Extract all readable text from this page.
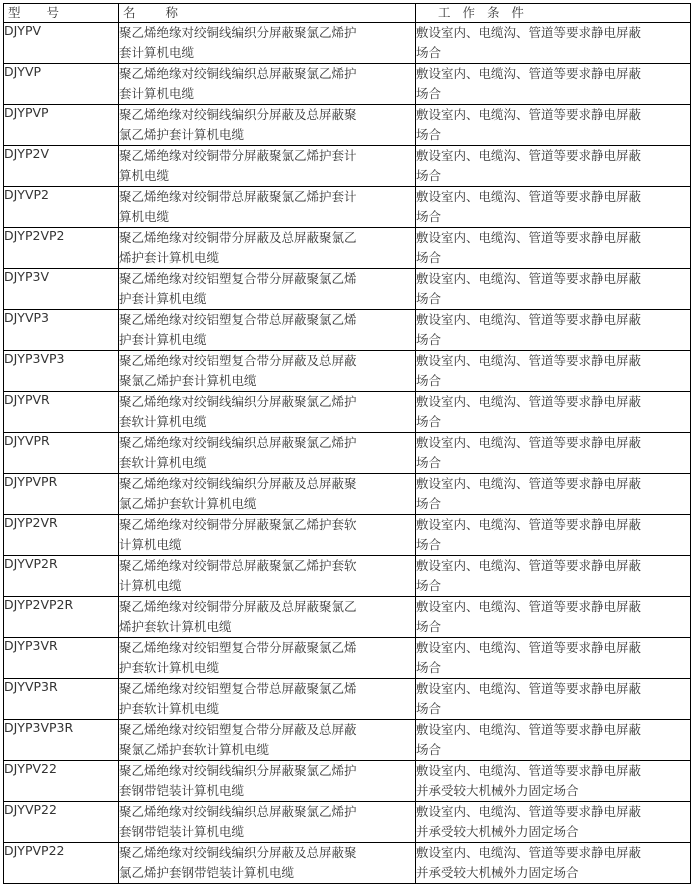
型 号	名 称	工 作 条 件
DJYPV	聚乙烯绝缘对绞铜线编织分屏蔽聚氯乙烯护
套计算机电缆	敷设室内、电缆沟、管道等要求静电屏蔽
场合

DJYVP	聚乙烯绝缘对绞铜线编织总屏蔽聚氯乙烯护
套计算机电缆	敷设室内、电缆沟、管道等要求静电屏蔽
场合

DJYPVP	聚乙烯绝缘对绞铜线编织分屏蔽及总屏蔽聚
氯乙烯护套计算机电缆	敷设室内、电缆沟、管道等要求静电屏蔽
场合

DJYP2V	聚乙烯绝缘对绞铜带分屏蔽聚氯乙烯护套计
算机电缆	敷设室内、电缆沟、管道等要求静电屏蔽
场合

DJYVP2	聚乙烯绝缘对绞铜带总屏蔽聚氯乙烯护套计
算机电缆	敷设室内、电缆沟、管道等要求静电屏蔽
场合

DJYP2VP2	聚乙烯绝缘对绞铜带分屏蔽及总屏蔽聚氯乙
烯护套计算机电缆	敷设室内、电缆沟、管道等要求静电屏蔽
场合

DJYP3V	聚乙烯绝缘对绞铝塑复合带分屏蔽聚氯乙烯
护套计算机电缆	敷设室内、电缆沟、管道等要求静电屏蔽
场合

DJYVP3	聚乙烯绝缘对绞铝塑复合带总屏蔽聚氯乙烯
护套计算机电缆	敷设室内、电缆沟、管道等要求静电屏蔽
场合

DJYP3VP3	聚乙烯绝缘对绞铝塑复合带分屏蔽及总屏蔽
聚氯乙烯护套计算机电缆	敷设室内、电缆沟、管道等要求静电屏蔽
场合

DJYPVR	聚乙烯绝缘对绞铜线编织分屏蔽聚氯乙烯护
套软计算机电缆	敷设室内、电缆沟、管道等要求静电屏蔽
场合

DJYVPR	聚乙烯绝缘对绞铜线编织总屏蔽聚氯乙烯护
套软计算机电缆	敷设室内、电缆沟、管道等要求静电屏蔽
场合

DJYPVPR	聚乙烯绝缘对绞铜线编织分屏蔽及总屏蔽聚
氯乙烯护套软计算机电缆	敷设室内、电缆沟、管道等要求静电屏蔽
场合

DJYP2VR	聚乙烯绝缘对绞铜带分屏蔽聚氯乙烯护套软
计算机电缆	敷设室内、电缆沟、管道等要求静电屏蔽
场合

DJYVP2R	聚乙烯绝缘对绞铜带总屏蔽聚氯乙烯护套软
计算机电缆	敷设室内、电缆沟、管道等要求静电屏蔽
场合

DJYP2VP2R	聚乙烯绝缘对绞铜带分屏蔽及总屏蔽聚氯乙
烯护套软计算机电缆	敷设室内、电缆沟、管道等要求静电屏蔽
场合

DJYP3VR	聚乙烯绝缘对绞铝塑复合带分屏蔽聚氯乙烯
护套软计算机电缆	敷设室内、电缆沟、管道等要求静电屏蔽
场合

DJYVP3R	聚乙烯绝缘对绞铝塑复合带总屏蔽聚氯乙烯
护套软计算机电缆	敷设室内、电缆沟、管道等要求静电屏蔽
场合

DJYP3VP3R	聚乙烯绝缘对绞铝塑复合带分屏蔽及总屏蔽
聚氯乙烯护套软计算机电缆	敷设室内、电缆沟、管道等要求静电屏蔽
场合

DJYPV22	聚乙烯绝缘对绞铜线编织分屏蔽聚氯乙烯护
套钢带铠装计算机电缆	敷设室内、电缆沟、管道等要求静电屏蔽
并承受较大机械外力固定场合

DJYVP22	聚乙烯绝缘对绞铜线编织总屏蔽聚氯乙烯护
套钢带铠装计算机电缆	敷设室内、电缆沟、管道等要求静电屏蔽
并承受较大机械外力固定场合

DJYPVP22	聚乙烯绝缘对绞铜线编织分屏蔽及总屏蔽聚
氯乙烯护套钢带铠装计算机电缆	敷设室内、电缆沟、管道等要求静电屏蔽
并承受较大机械外力固定场合
